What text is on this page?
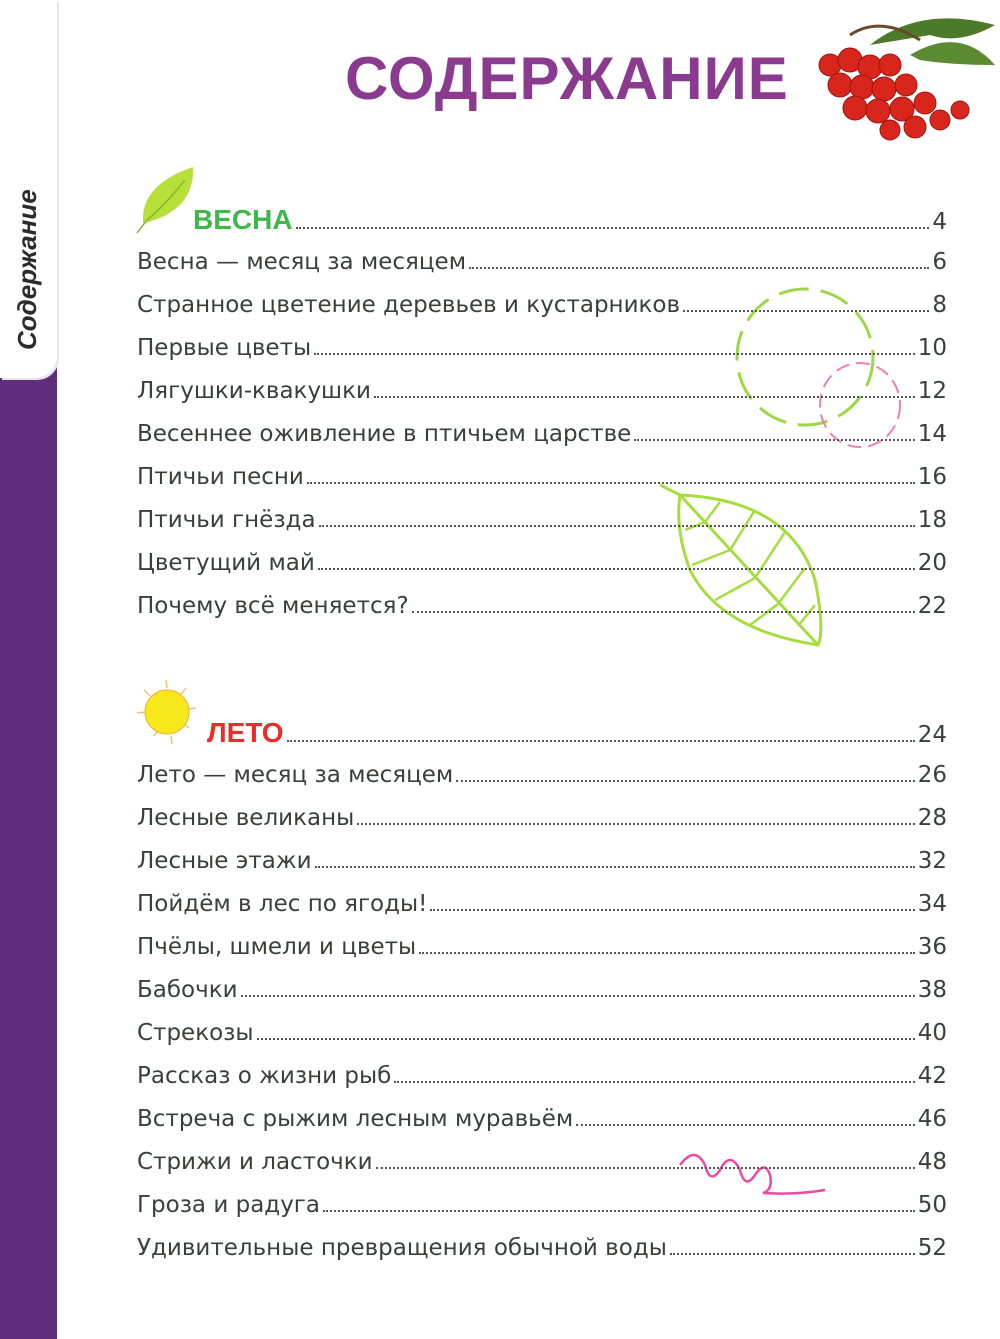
Содержание
СОДЕРЖАНИЕ
ВЕСНА	4
Весна — месяц за месяцем	6
Странное цветение деревьев и кустарников	8
Первые цветы	10
Лягушки-квакушки	12
Весеннее оживление в птичьем царстве	14
Птичьи песни	16
Птичьи гнёзда	18
Цветущий май	20
Почему всё меняется?	22
ЛЕТО	24
Лето — месяц за месяцем	26
Лесные великаны	28
Лесные этажи	32
Пойдём в лес по ягоды!	34
Пчёлы, шмели и цветы	36
Бабочки	38
Стрекозы	40
Рассказ о жизни рыб	42
Встреча с рыжим лесным муравьём	46
Стрижи и ласточки	48
Гроза и радуга	50
Удивительные превращения обычной воды	52
